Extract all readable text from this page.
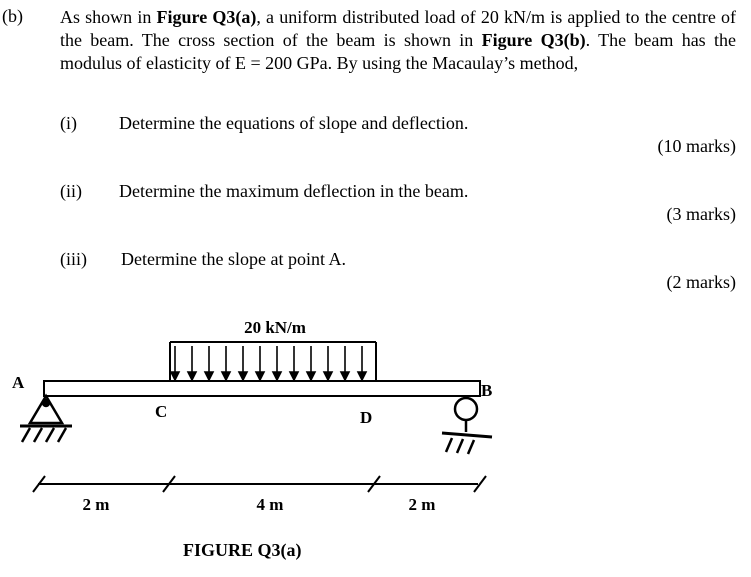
(b) As shown in Figure Q3(a), a uniform distributed load of 20 kN/m is applied to the centre of the beam. The cross section of the beam is shown in Figure Q3(b). The beam has the modulus of elasticity of E = 200 GPa. By using the Macaulay’s method,
(i) Determine the equations of slope and deflection.
(10 marks)
(ii) Determine the maximum deflection in the beam.
(3 marks)
(iii) Determine the slope at point A.
(2 marks)
20 kN/m
A	B
C	D
2 m	4 m	2 m
FIGURE Q3(a)
